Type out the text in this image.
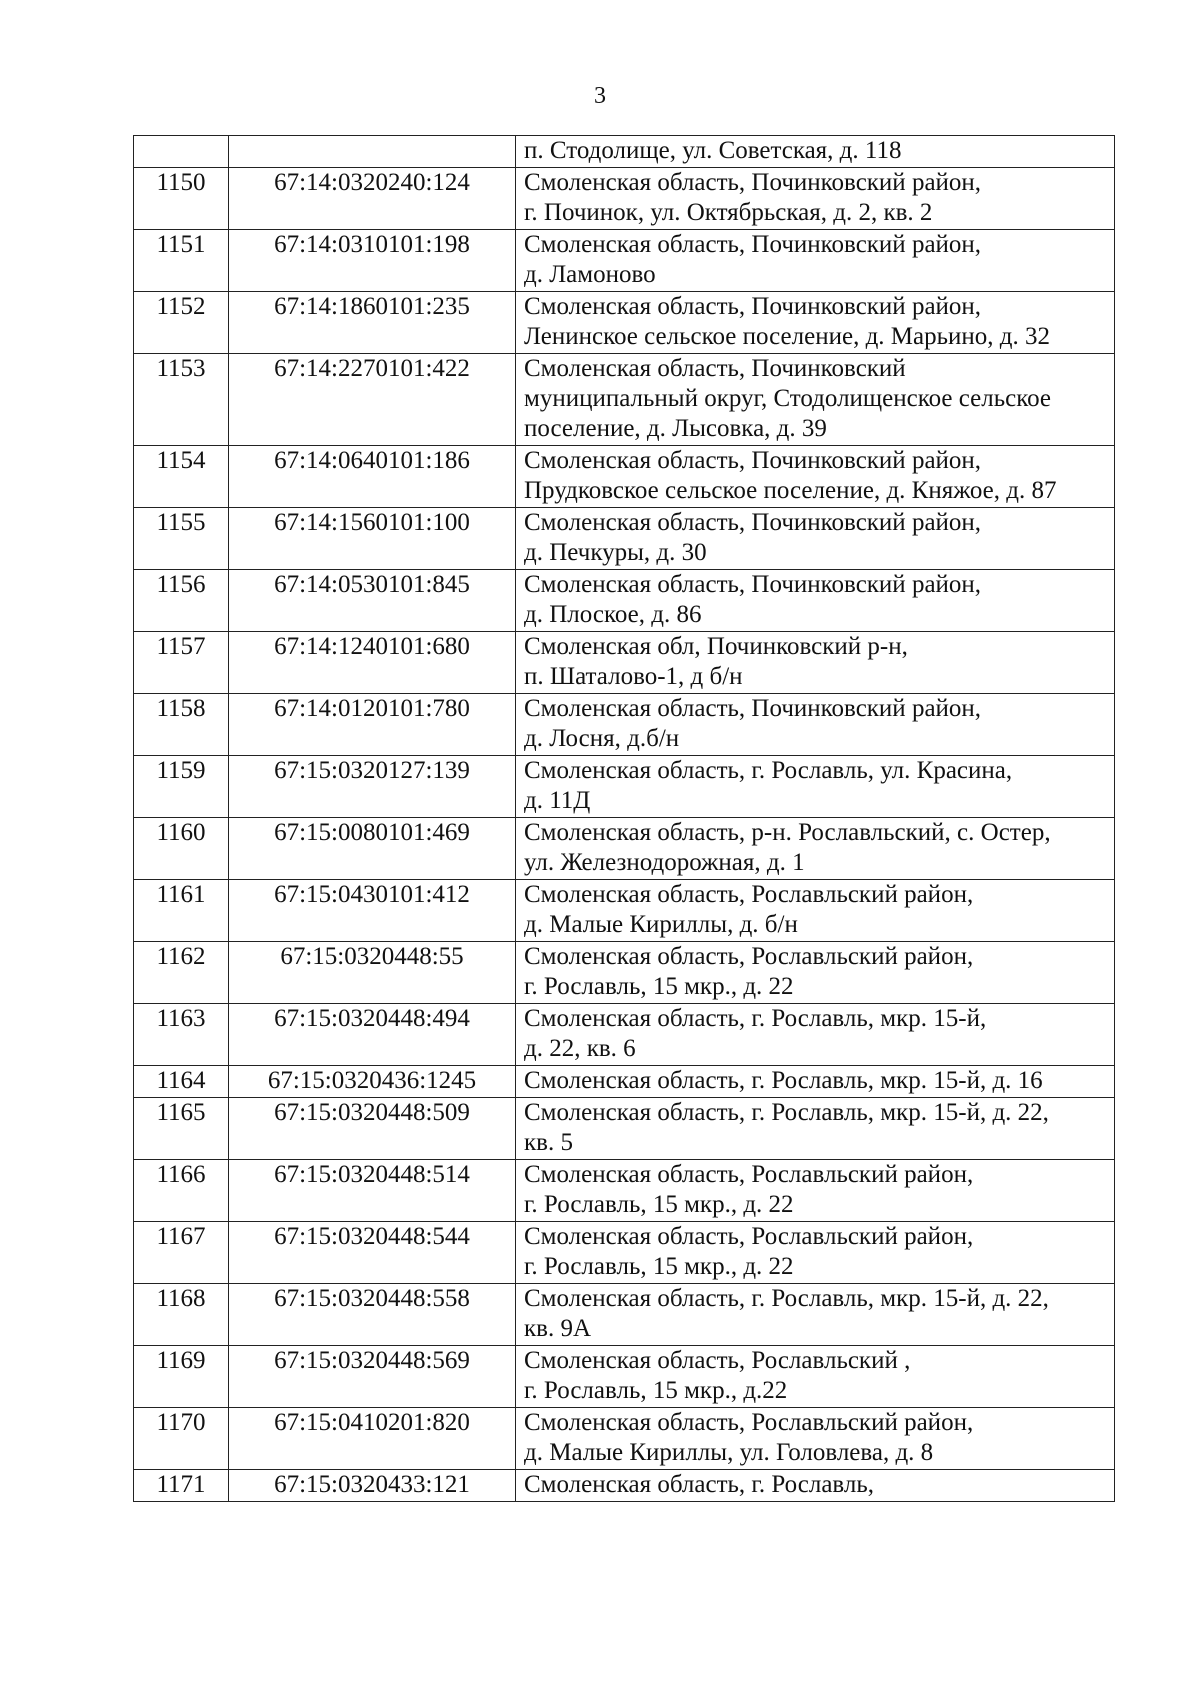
3

		п. Стодолище, ул. Советская, д. 118

1150	67:14:0320240:124	Смоленская область, Починковский район,
г. Починок, ул. Октябрьская, д. 2, кв. 2

1151	67:14:0310101:198	Смоленская область, Починковский район,
д. Ламоново

1152	67:14:1860101:235	Смоленская область, Починковский район,
Ленинское сельское поселение, д. Марьино, д. 32

1153	67:14:2270101:422	Смоленская область, Починковский
муниципальный округ, Стодолищенское сельское
поселение, д. Лысовка, д. 39

1154	67:14:0640101:186	Смоленская область, Починковский район,
Прудковское сельское поселение, д. Княжое, д. 87

1155	67:14:1560101:100	Смоленская область, Починковский район,
д. Печкуры, д. 30

1156	67:14:0530101:845	Смоленская область, Починковский район,
д. Плоское, д. 86

1157	67:14:1240101:680	Смоленская обл, Починковский р-н,
п. Шаталово-1, д б/н

1158	67:14:0120101:780	Смоленская область, Починковский район,
д. Лосня, д.б/н

1159	67:15:0320127:139	Смоленская область, г. Рославль, ул. Красина,
д. 11Д

1160	67:15:0080101:469	Смоленская область, р-н. Рославльский, с. Остер,
ул. Железнодорожная, д. 1

1161	67:15:0430101:412	Смоленская область, Рославльский район,
д. Малые Кириллы, д. б/н

1162	67:15:0320448:55	Смоленская область, Рославльский район,
г. Рославль, 15 мкр., д. 22

1163	67:15:0320448:494	Смоленская область, г. Рославль, мкр. 15-й,
д. 22, кв. 6

1164	67:15:0320436:1245	Смоленская область, г. Рославль, мкр. 15-й, д. 16

1165	67:15:0320448:509	Смоленская область, г. Рославль, мкр. 15-й, д. 22,
кв. 5

1166	67:15:0320448:514	Смоленская область, Рославльский район,
г. Рославль, 15 мкр., д. 22

1167	67:15:0320448:544	Смоленская область, Рославльский район,
г. Рославль, 15 мкр., д. 22

1168	67:15:0320448:558	Смоленская область, г. Рославль, мкр. 15-й, д. 22,
кв. 9А

1169	67:15:0320448:569	Смоленская область, Рославльский ,
г. Рославль, 15 мкр., д.22

1170	67:15:0410201:820	Смоленская область, Рославльский район,
д. Малые Кириллы, ул. Головлева, д. 8

1171	67:15:0320433:121	Смоленская область, г. Рославль,
